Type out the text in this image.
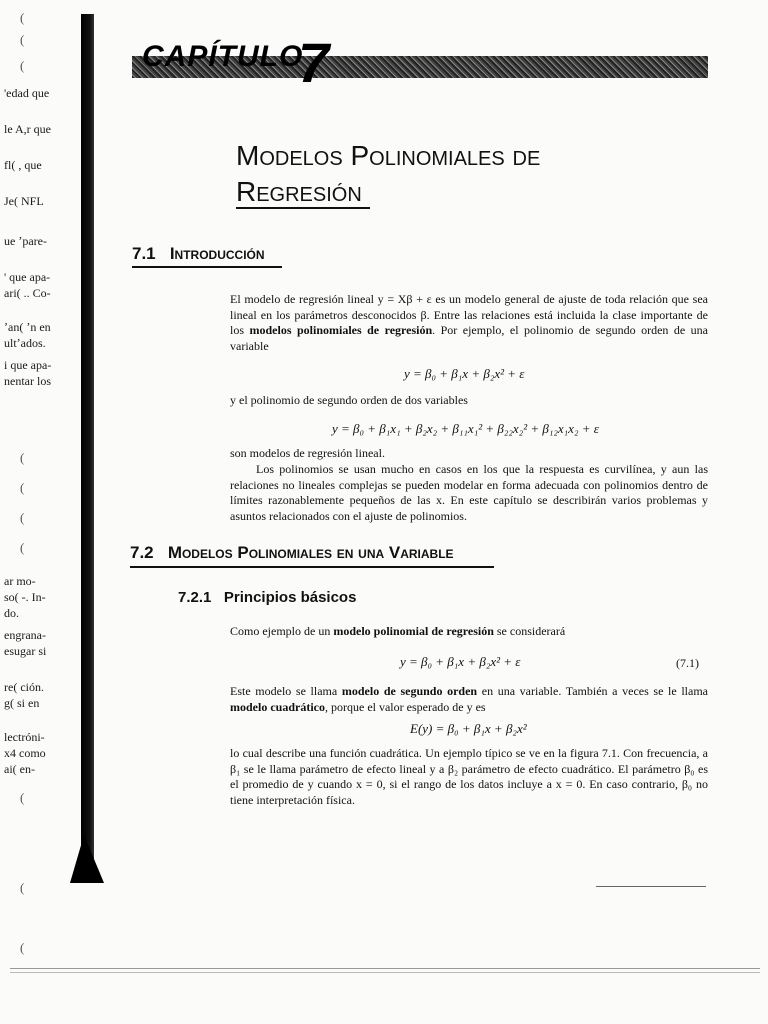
'edad que
le A,r que
fl( , que
Je( NFL
ue ʼpare-
' que apa-
ari( .. Co-
ʼan( ʼn en
ultʼados.
i que apa-
nentar los
ar mo-
so( -. In-
do.
engrana-
esugar si
re( ción.
g( si en
lectróni-
x4 como
ai( en-
(
(
(
(
(
(
(
(
(
(
CAPÍTULO
7
Modelos Polinomiales de
Regresión
7.1 Introducción
El modelo de regresión lineal y = Xβ + ε es un modelo general de ajuste de toda relación que sea lineal en los parámetros desconocidos β. Entre las relaciones está incluida la clase importante de los modelos polinomiales de regresión. Por ejemplo, el polinomio de segundo orden de una variable
y = β₀ + β₁x + β₂x² + ε
y el polinomio de segundo orden de dos variables
y = β₀ + β₁x₁ + β₂x₂ + β₁₁x₁² + β₂₂x₂² + β₁₂x₁x₂ + ε
son modelos de regresión lineal.
Los polinomios se usan mucho en casos en los que la respuesta es curvilínea, y aun las relaciones no lineales complejas se pueden modelar en forma adecuada con polinomios dentro de límites razonablemente pequeños de las x. En este capítulo se describirán varios problemas y asuntos relacionados con el ajuste de polinomios.
7.2 Modelos Polinomiales en una Variable
7.2.1 Principios básicos
Como ejemplo de un modelo polinomial de regresión se considerará
y = β₀ + β₁x + β₂x² + ε	(7.1)
Este modelo se llama modelo de segundo orden en una variable. También a veces se le llama modelo cuadrático, porque el valor esperado de y es
E(y) = β₀ + β₁x + β₂x²
lo cual describe una función cuadrática. Un ejemplo típico se ve en la figura 7.1. Con frecuencia, a β₁ se le llama parámetro de efecto lineal y a β₂ parámetro de efecto cuadrático. El parámetro β₀ es el promedio de y cuando x = 0, si el rango de los datos incluye a x = 0. En caso contrario, β₀ no tiene interpretación física.
